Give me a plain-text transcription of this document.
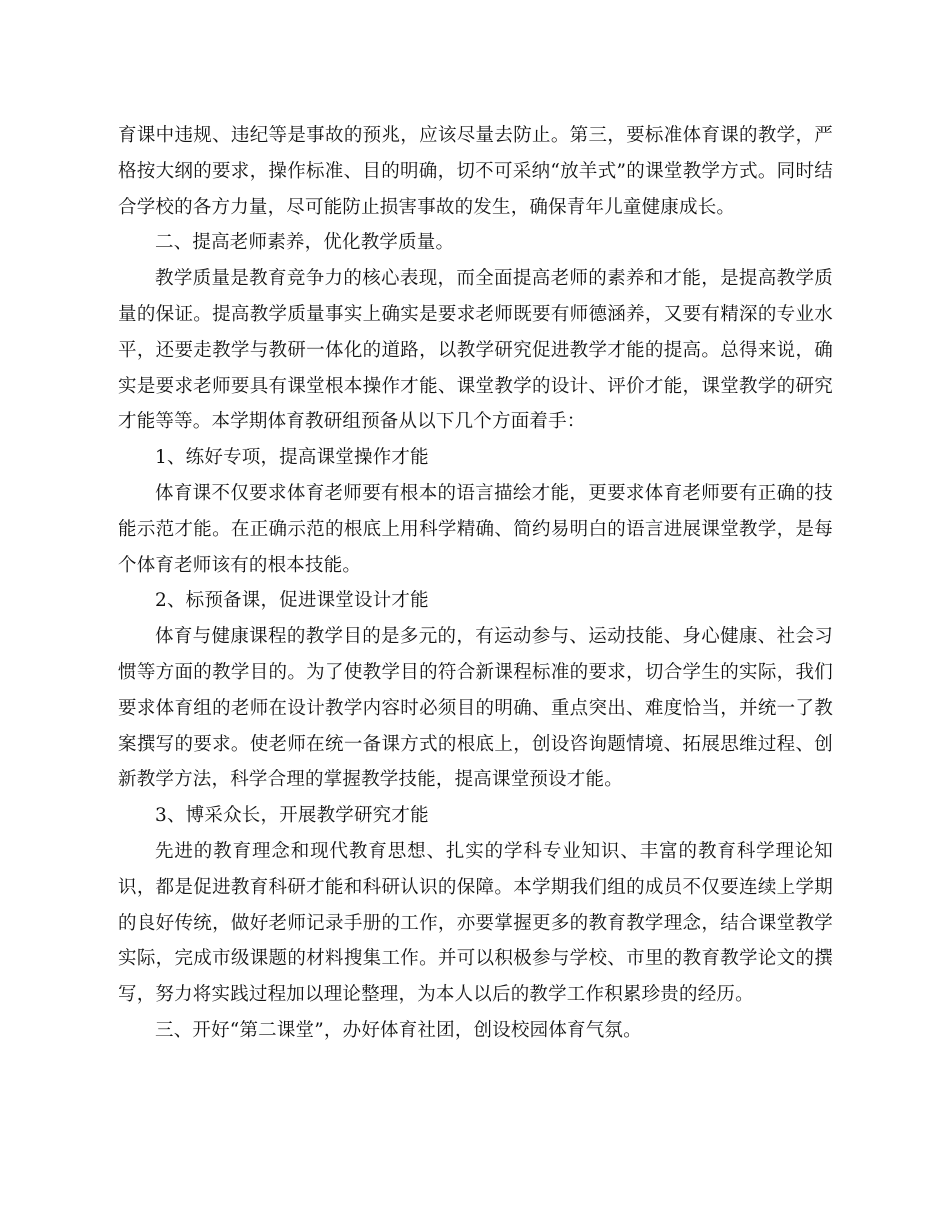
育课中违规、违纪等是事故的预兆，应该尽量去防止。第三，要标准体育课的教学，严格按大纲的要求，操作标准、目的明确，切不可采纳“放羊式”的课堂教学方式。同时结合学校的各方力量，尽可能防止损害事故的发生，确保青年儿童健康成长。

二、提高老师素养，优化教学质量。

教学质量是教育竞争力的核心表现，而全面提高老师的素养和才能，是提高教学质量的保证。提高教学质量事实上确实是要求老师既要有师德涵养，又要有精深的专业水平，还要走教学与教研一体化的道路，以教学研究促进教学才能的提高。总得来说，确实是要求老师要具有课堂根本操作才能、课堂教学的设计、评价才能，课堂教学的研究才能等等。本学期体育教研组预备从以下几个方面着手：

1、练好专项，提高课堂操作才能

体育课不仅要求体育老师要有根本的语言描绘才能，更要求体育老师要有正确的技能示范才能。在正确示范的根底上用科学精确、简约易明白的语言进展课堂教学，是每个体育老师该有的根本技能。

2、标预备课，促进课堂设计才能

体育与健康课程的教学目的是多元的，有运动参与、运动技能、身心健康、社会习惯等方面的教学目的。为了使教学目的符合新课程标准的要求，切合学生的实际，我们要求体育组的老师在设计教学内容时必须目的明确、重点突出、难度恰当，并统一了教案撰写的要求。使老师在统一备课方式的根底上，创设咨询题情境、拓展思维过程、创新教学方法，科学合理的掌握教学技能，提高课堂预设才能。

3、博采众长，开展教学研究才能

先进的教育理念和现代教育思想、扎实的学科专业知识、丰富的教育科学理论知识，都是促进教育科研才能和科研认识的保障。本学期我们组的成员不仅要连续上学期的良好传统，做好老师记录手册的工作，亦要掌握更多的教育教学理念，结合课堂教学实际，完成市级课题的材料搜集工作。并可以积极参与学校、市里的教育教学论文的撰写，努力将实践过程加以理论整理，为本人以后的教学工作积累珍贵的经历。

三、开好“第二课堂”，办好体育社团，创设校园体育气氛。
